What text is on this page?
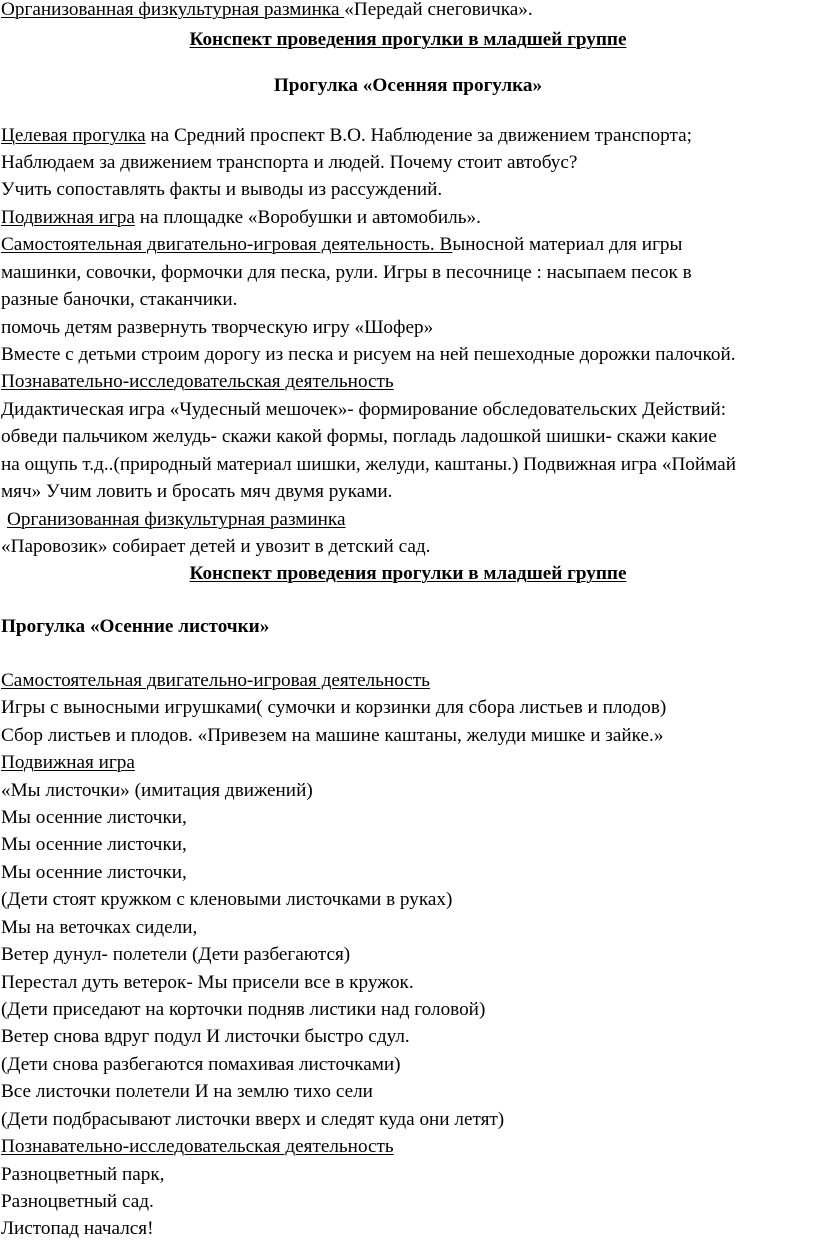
Организованная физкультурная разминка «Передай снеговичка».
Конспект проведения прогулки в младшей группе
Прогулка «Осенняя прогулка»
Целевая прогулка на Средний проспект В.О. Наблюдение за движением транспорта;
Наблюдаем за движением транспорта и людей. Почему стоит автобус?
Учить сопоставлять факты и выводы из рассуждений.
Подвижная игра на площадке «Воробушки и автомобиль».
Самостоятельная двигательно-игровая деятельность. Выносной материал для игры
машинки, совочки, формочки для песка, рули. Игры в песочнице : насыпаем песок в
разные баночки, стаканчики.
помочь детям развернуть творческую игру «Шофер»
Вместе с детьми строим дорогу из песка и рисуем на ней пешеходные дорожки палочкой.
Познавательно-исследовательская деятельность
Дидактическая игра «Чудесный мешочек»- формирование обследовательских Действий:
обведи пальчиком желудь- скажи какой формы, погладь ладошкой шишки- скажи какие
на ощупь т.д..(природный материал шишки, желуди, каштаны.) Подвижная игра «Поймай
мяч» Учим ловить и бросать мяч двумя руками.
Организованная физкультурная разминка
«Паровозик» собирает детей и увозит в детский сад.
Конспект проведения прогулки в младшей группе
Прогулка «Осенние листочки»
Самостоятельная двигательно-игровая деятельность
Игры с выносными игрушками( сумочки и корзинки для сбора листьев и плодов)
Сбор листьев и плодов. «Привезем на машине каштаны, желуди мишке и зайке.»
Подвижная игра
«Мы листочки» (имитация движений)
Мы осенние листочки,
Мы осенние листочки,
Мы осенние листочки,
(Дети стоят кружком с кленовыми листочками в руках)
Мы на веточках сидели,
Ветер дунул- полетели (Дети разбегаются)
Перестал дуть ветерок- Мы присели все в кружок.
(Дети приседают на корточки подняв листики над головой)
Ветер снова вдруг подул И листочки быстро сдул.
(Дети снова разбегаются помахивая листочками)
Все листочки полетели И на землю тихо сели
(Дети подбрасывают листочки вверх и следят куда они летят)
Познавательно-исследовательская деятельность
Разноцветный парк,
Разноцветный сад.
Листопад начался!
